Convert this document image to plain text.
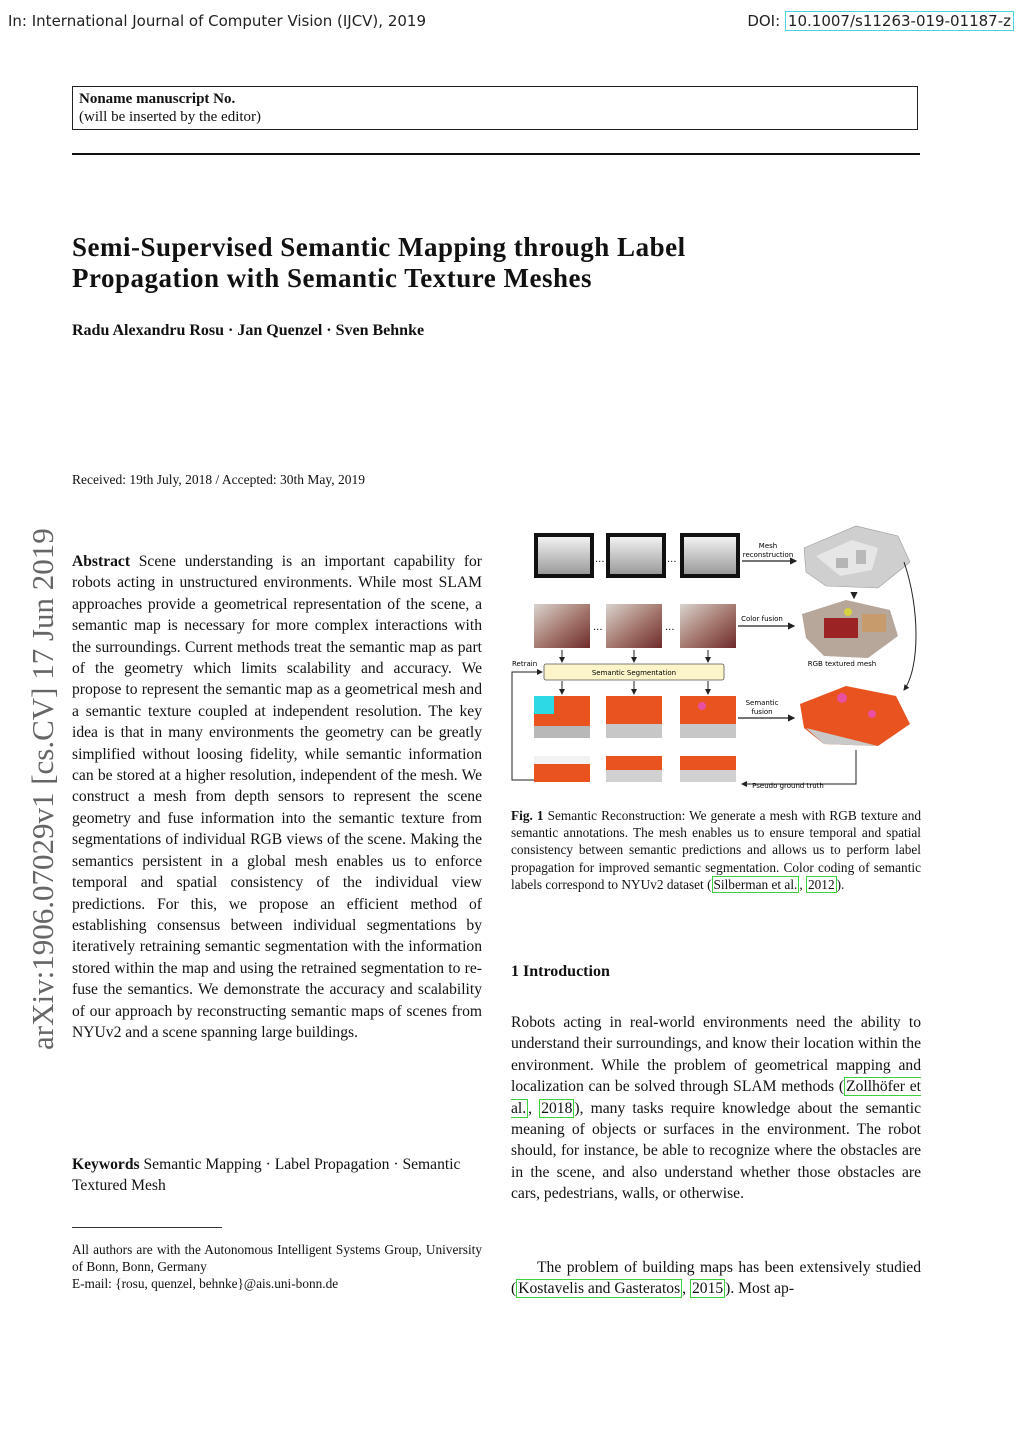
In: International Journal of Computer Vision (IJCV), 2019	DOI: 10.1007/s11263-019-01187-z
Noname manuscript No.
(will be inserted by the editor)
Semi-Supervised Semantic Mapping through Label Propagation with Semantic Texture Meshes
Radu Alexandru Rosu · Jan Quenzel · Sven Behnke
Received: 19th July, 2018 / Accepted: 30th May, 2019
arXiv:1906.07029v1 [cs.CV] 17 Jun 2019 Abstract Scene understanding is an important capability for robots acting in unstructured environments. While most SLAM approaches provide a geometrical representation of the scene, a semantic map is necessary for more complex interactions with the surroundings. Current methods treat the semantic map as part of the geometry which limits scalability and accuracy. We propose to represent the semantic map as a geometrical mesh and a semantic texture coupled at independent resolution. The key idea is that in many environments the geometry can be greatly simplified without loosing fidelity, while semantic information can be stored at a higher resolution, independent of the mesh. We construct a mesh from depth sensors to represent the scene geometry and fuse information into the semantic texture from segmentations of individual RGB views of the scene. Making the semantics persistent in a global mesh enables us to enforce temporal and spatial consistency of the individual view predictions. For this, we propose an efficient method of establishing consensus between individual segmentations by iteratively retraining semantic segmentation with the information stored within the map and using the retrained segmentation to re-fuse the semantics. We demonstrate the accuracy and scalability of our approach by reconstructing semantic maps of scenes from NYUv2 and a scene spanning large buildings.
Keywords Semantic Mapping · Label Propagation · Semantic Textured Mesh
All authors are with the Autonomous Intelligent Systems Group, University of Bonn, Bonn, Germany
E-mail: {rosu, quenzel, behnke}@ais.uni-bonn.de
...	...
Mesh
reconstruction
...	...
Color fusion
RGB textured mesh
Semantic Segmentation
Retrain
Semantic
fusion
Pseudo ground truth
Fig. 1 Semantic Reconstruction: We generate a mesh with RGB texture and semantic annotations. The mesh enables us to ensure temporal and spatial consistency between semantic predictions and allows us to perform label propagation for improved semantic segmentation. Color coding of semantic labels correspond to NYUv2 dataset ( Silberman et al. , 2012 ).
1 Introduction
Robots acting in real-world environments need the ability to understand their surroundings, and know their location within the environment. While the problem of geometrical mapping and localization can be solved through SLAM methods ( Zollhöfer et al. , 2018 ), many tasks require knowledge about the semantic meaning of objects or surfaces in the environment. The robot should, for instance, be able to recognize where the obstacles are in the scene, and also understand whether those obstacles are cars, pedestrians, walls, or otherwise.
The problem of building maps has been extensively studied ( Kostavelis and Gasteratos , 2015 ). Most ap-
